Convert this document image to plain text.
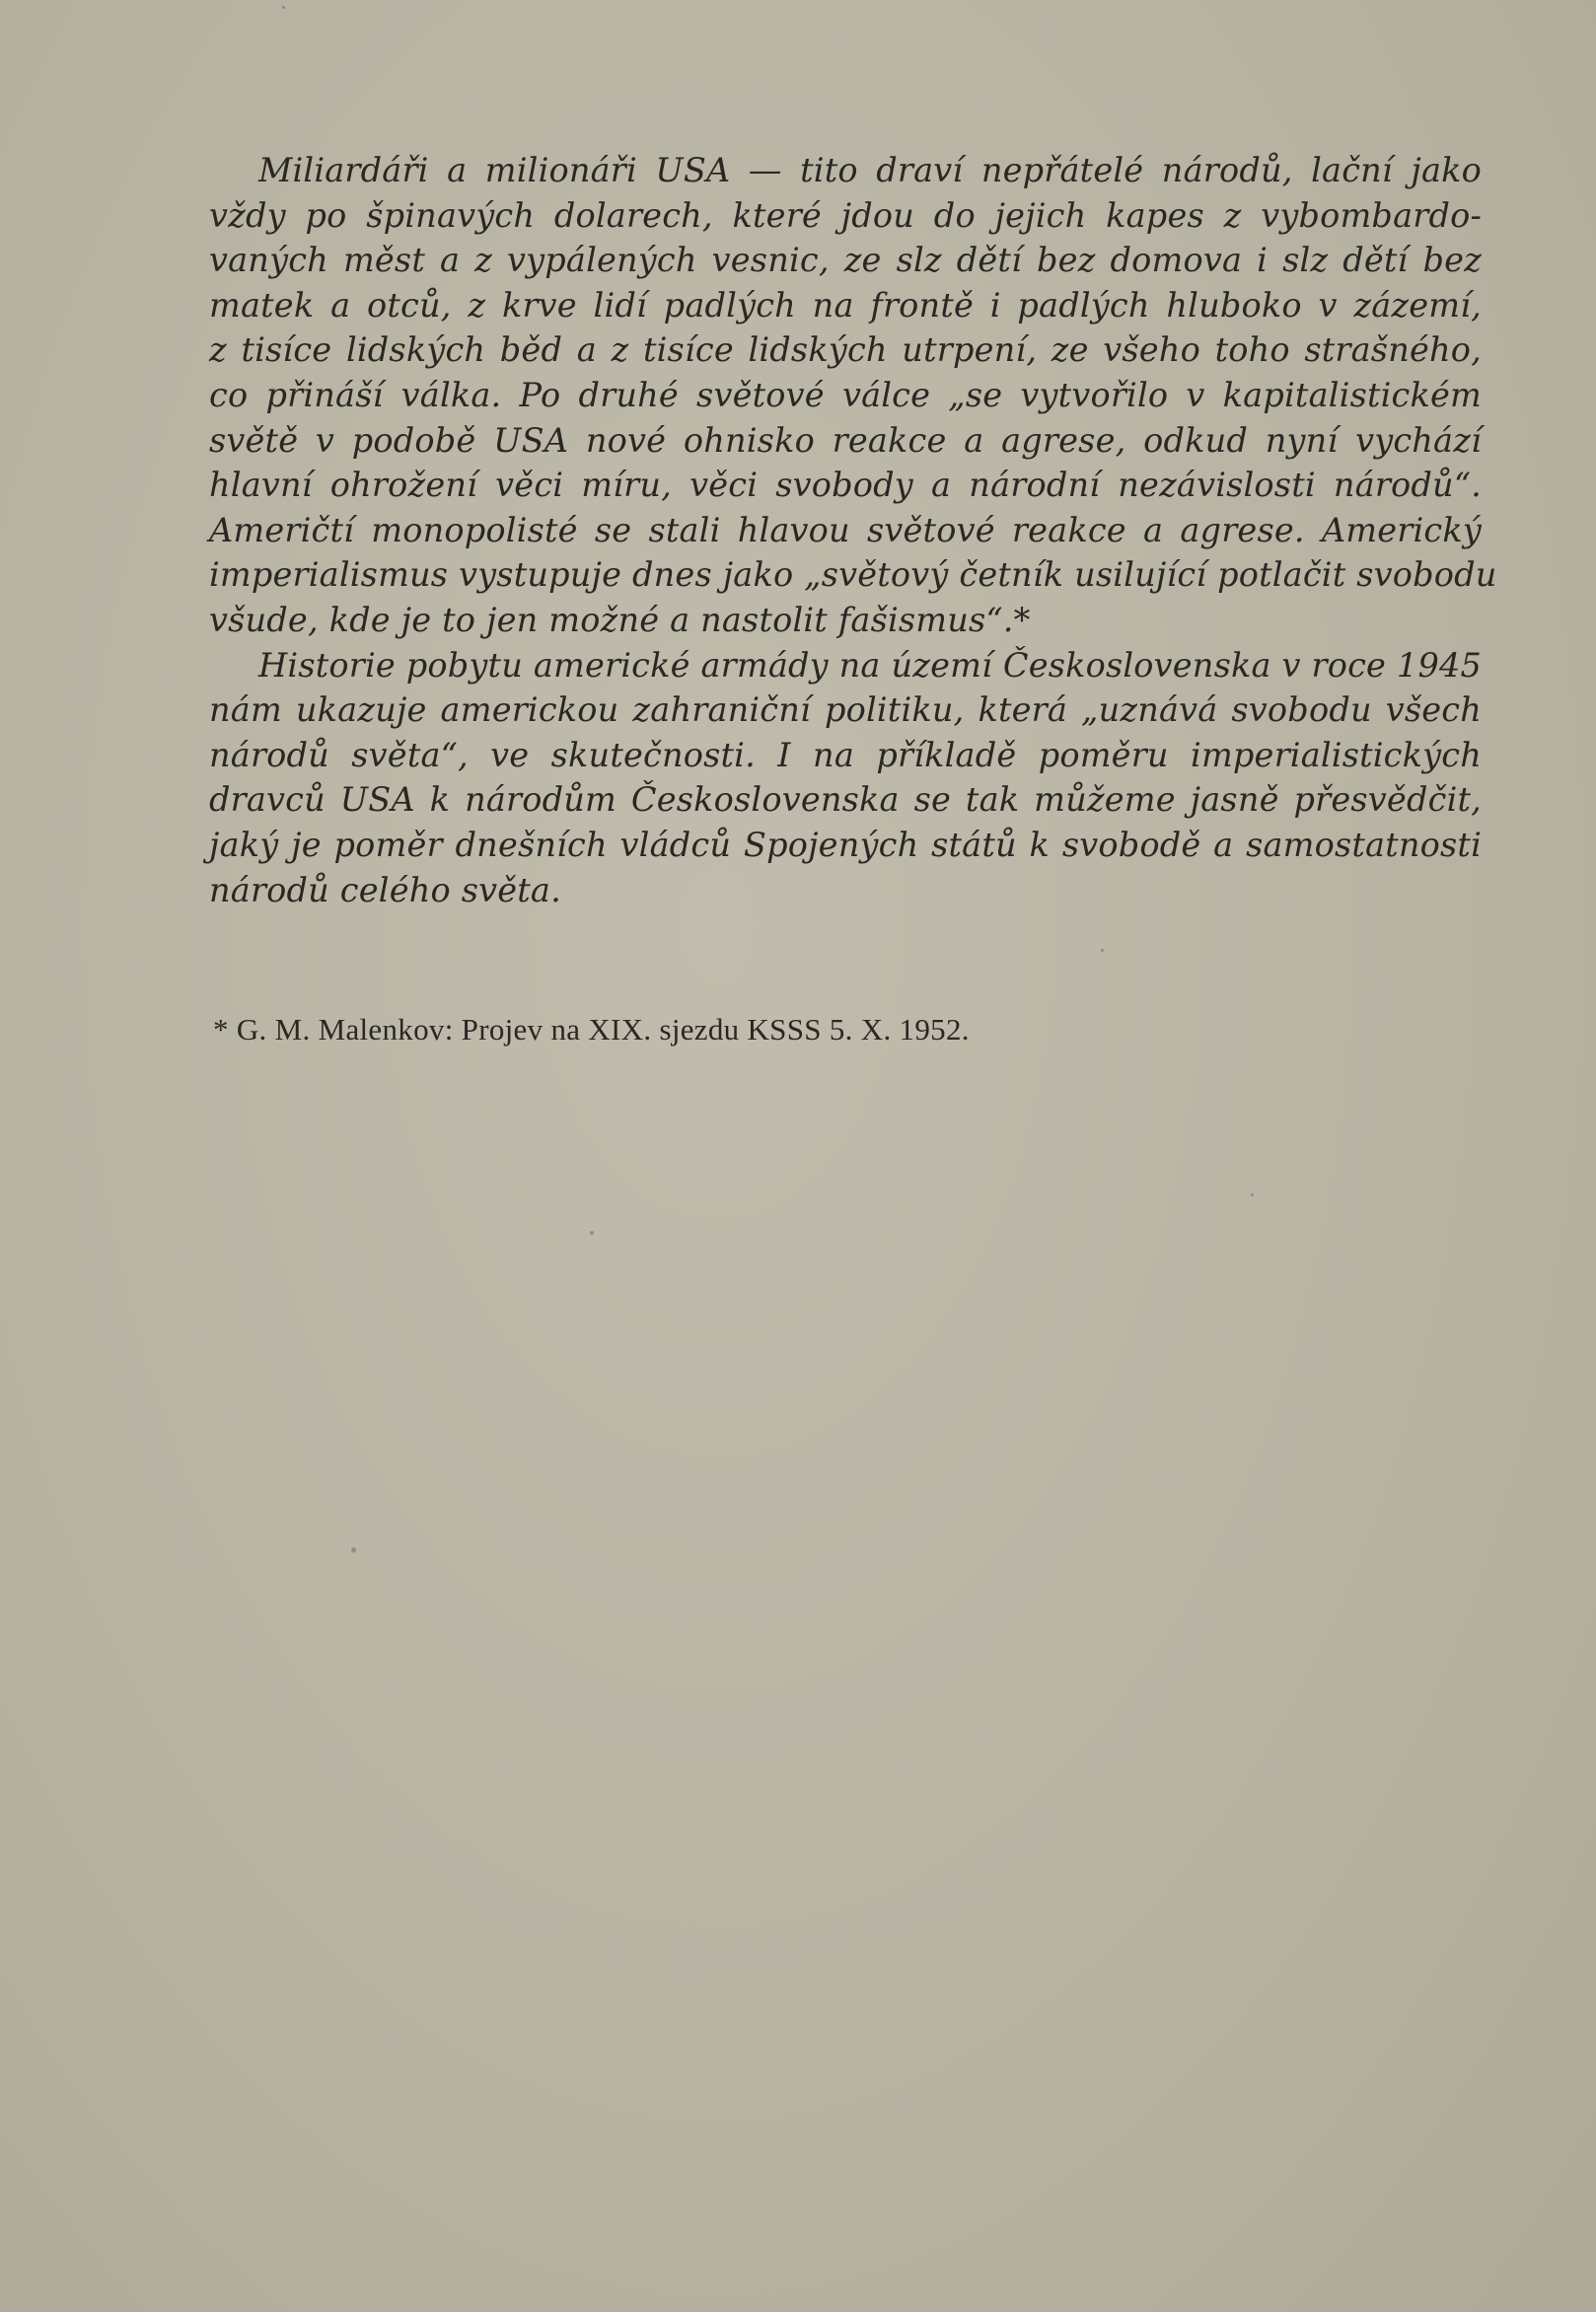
Miliardáři a milionáři USA — tito draví nepřátelé národů, lační jako
vždy po špinavých dolarech, které jdou do jejich kapes z vybombardo-
vaných měst a z vypálených vesnic, ze slz dětí bez domova i slz dětí bez
matek a otců, z krve lidí padlých na frontě i padlých hluboko v zázemí,
z tisíce lidských běd a z tisíce lidských utrpení, ze všeho toho strašného,
co přináší válka. Po druhé světové válce „se vytvořilo v kapitalistickém
světě v podobě USA nové ohnisko reakce a agrese, odkud nyní vychází
hlavní ohrožení věci míru, věci svobody a národní nezávislosti národů“.
Američtí monopolisté se stali hlavou světové reakce a agrese. Americký
imperialismus vystupuje dnes jako „světový četník usilující potlačit svobodu
všude, kde je to jen možné a nastolit fašismus“.*

Historie pobytu americké armády na území Československa v roce 1945
nám ukazuje americkou zahraniční politiku, která „uznává svobodu všech
národů světa“, ve skutečnosti. I na příkladě poměru imperialistických
dravců USA k národům Československa se tak můžeme jasně přesvědčit,
jaký je poměr dnešních vládců Spojených států k svobodě a samostatnosti
národů celého světa.

* G. M. Malenkov: Projev na XIX. sjezdu KSSS 5. X. 1952.
